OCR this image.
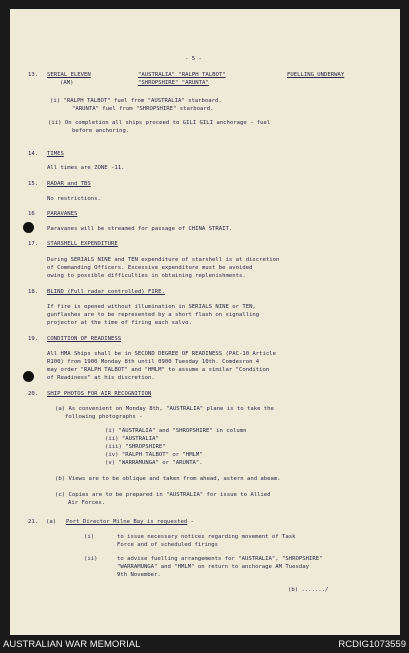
- 5 -
13. SERIAL ELEVEN
(AM)
"AUSTRALIA" "RALPH TALBOT"
"SHROPSHIRE" "ARUNTA"
FUELLING UNDERWAY
(i) "RALPH TALBOT" fuel from "AUSTRALIA" starboard.
"ARUNTA" fuel from "SHROPSHIRE" starboard.
(ii) On completion all ships proceed to GILI GILI anchorage - fuel
before anchoring.
14. TIMES
All times are ZONE -11.
15. RADAR and TBS
No restrictions.
16 PARAVANES
Paravanes will be streamed for passage of CHINA STRAIT.
17. STARSHELL EXPENDITURE
During SERIALS NINE and TEN expenditure of starshell is at discretion
of Commanding Officers. Excessive expenditure must be avoided
owing to possible difficulties in obtaining replenishments.
18. BLIND (Full radar controlled) FIRE.
If fire is opened without illumination in SERIALS NINE or TEN,
gunflashes are to be represented by a short flash on signalling
projector at the time of firing each salvo.
19. CONDITION OF READINESS
All HMA Ships shall be in SECOND DEGREE OF READINESS (PAC-10 Article
R100) from 1900 Monday 8th until 0900 Tuesday 10th. Comdesron 4
may order "RALPH TALBOT" and "HMLM" to assume a similar "Condition
of Readiness" at his discretion.
20. SHIP PHOTOS FOR AIR RECOGNITION
(a) As convenient on Monday 8th, "AUSTRALIA" plane is to take the
following photographs -
(i) "AUSTRALIA" and "SHROPSHIRE" in column
(ii) "AUSTRALIA"
(iii) "SHROPSHIRE"
(iv) "RALPH TALBOT" or "HMLM"
(v) "WARRAMUNGA" or "ARUNTA".
(b) Views are to be oblique and taken from ahead, astern and abeam.
(c) Copies are to be prepared in "AUSTRALIA" for issue to Allied
Air Forces.
21. (a) Port Director Milne Bay is requested -
(i)	to issue necessary notices regarding movement of Task
Force and of scheduled firings
(ii)	to advise fuelling arrangements for "AUSTRALIA", "SHROPSHIRE"
"WARRAMUNGA" and "HMLM" on return to anchorage AM Tuesday
9th November.
(b) ......./
AUSTRALIAN WAR MEMORIAL	RCDIG1073559
